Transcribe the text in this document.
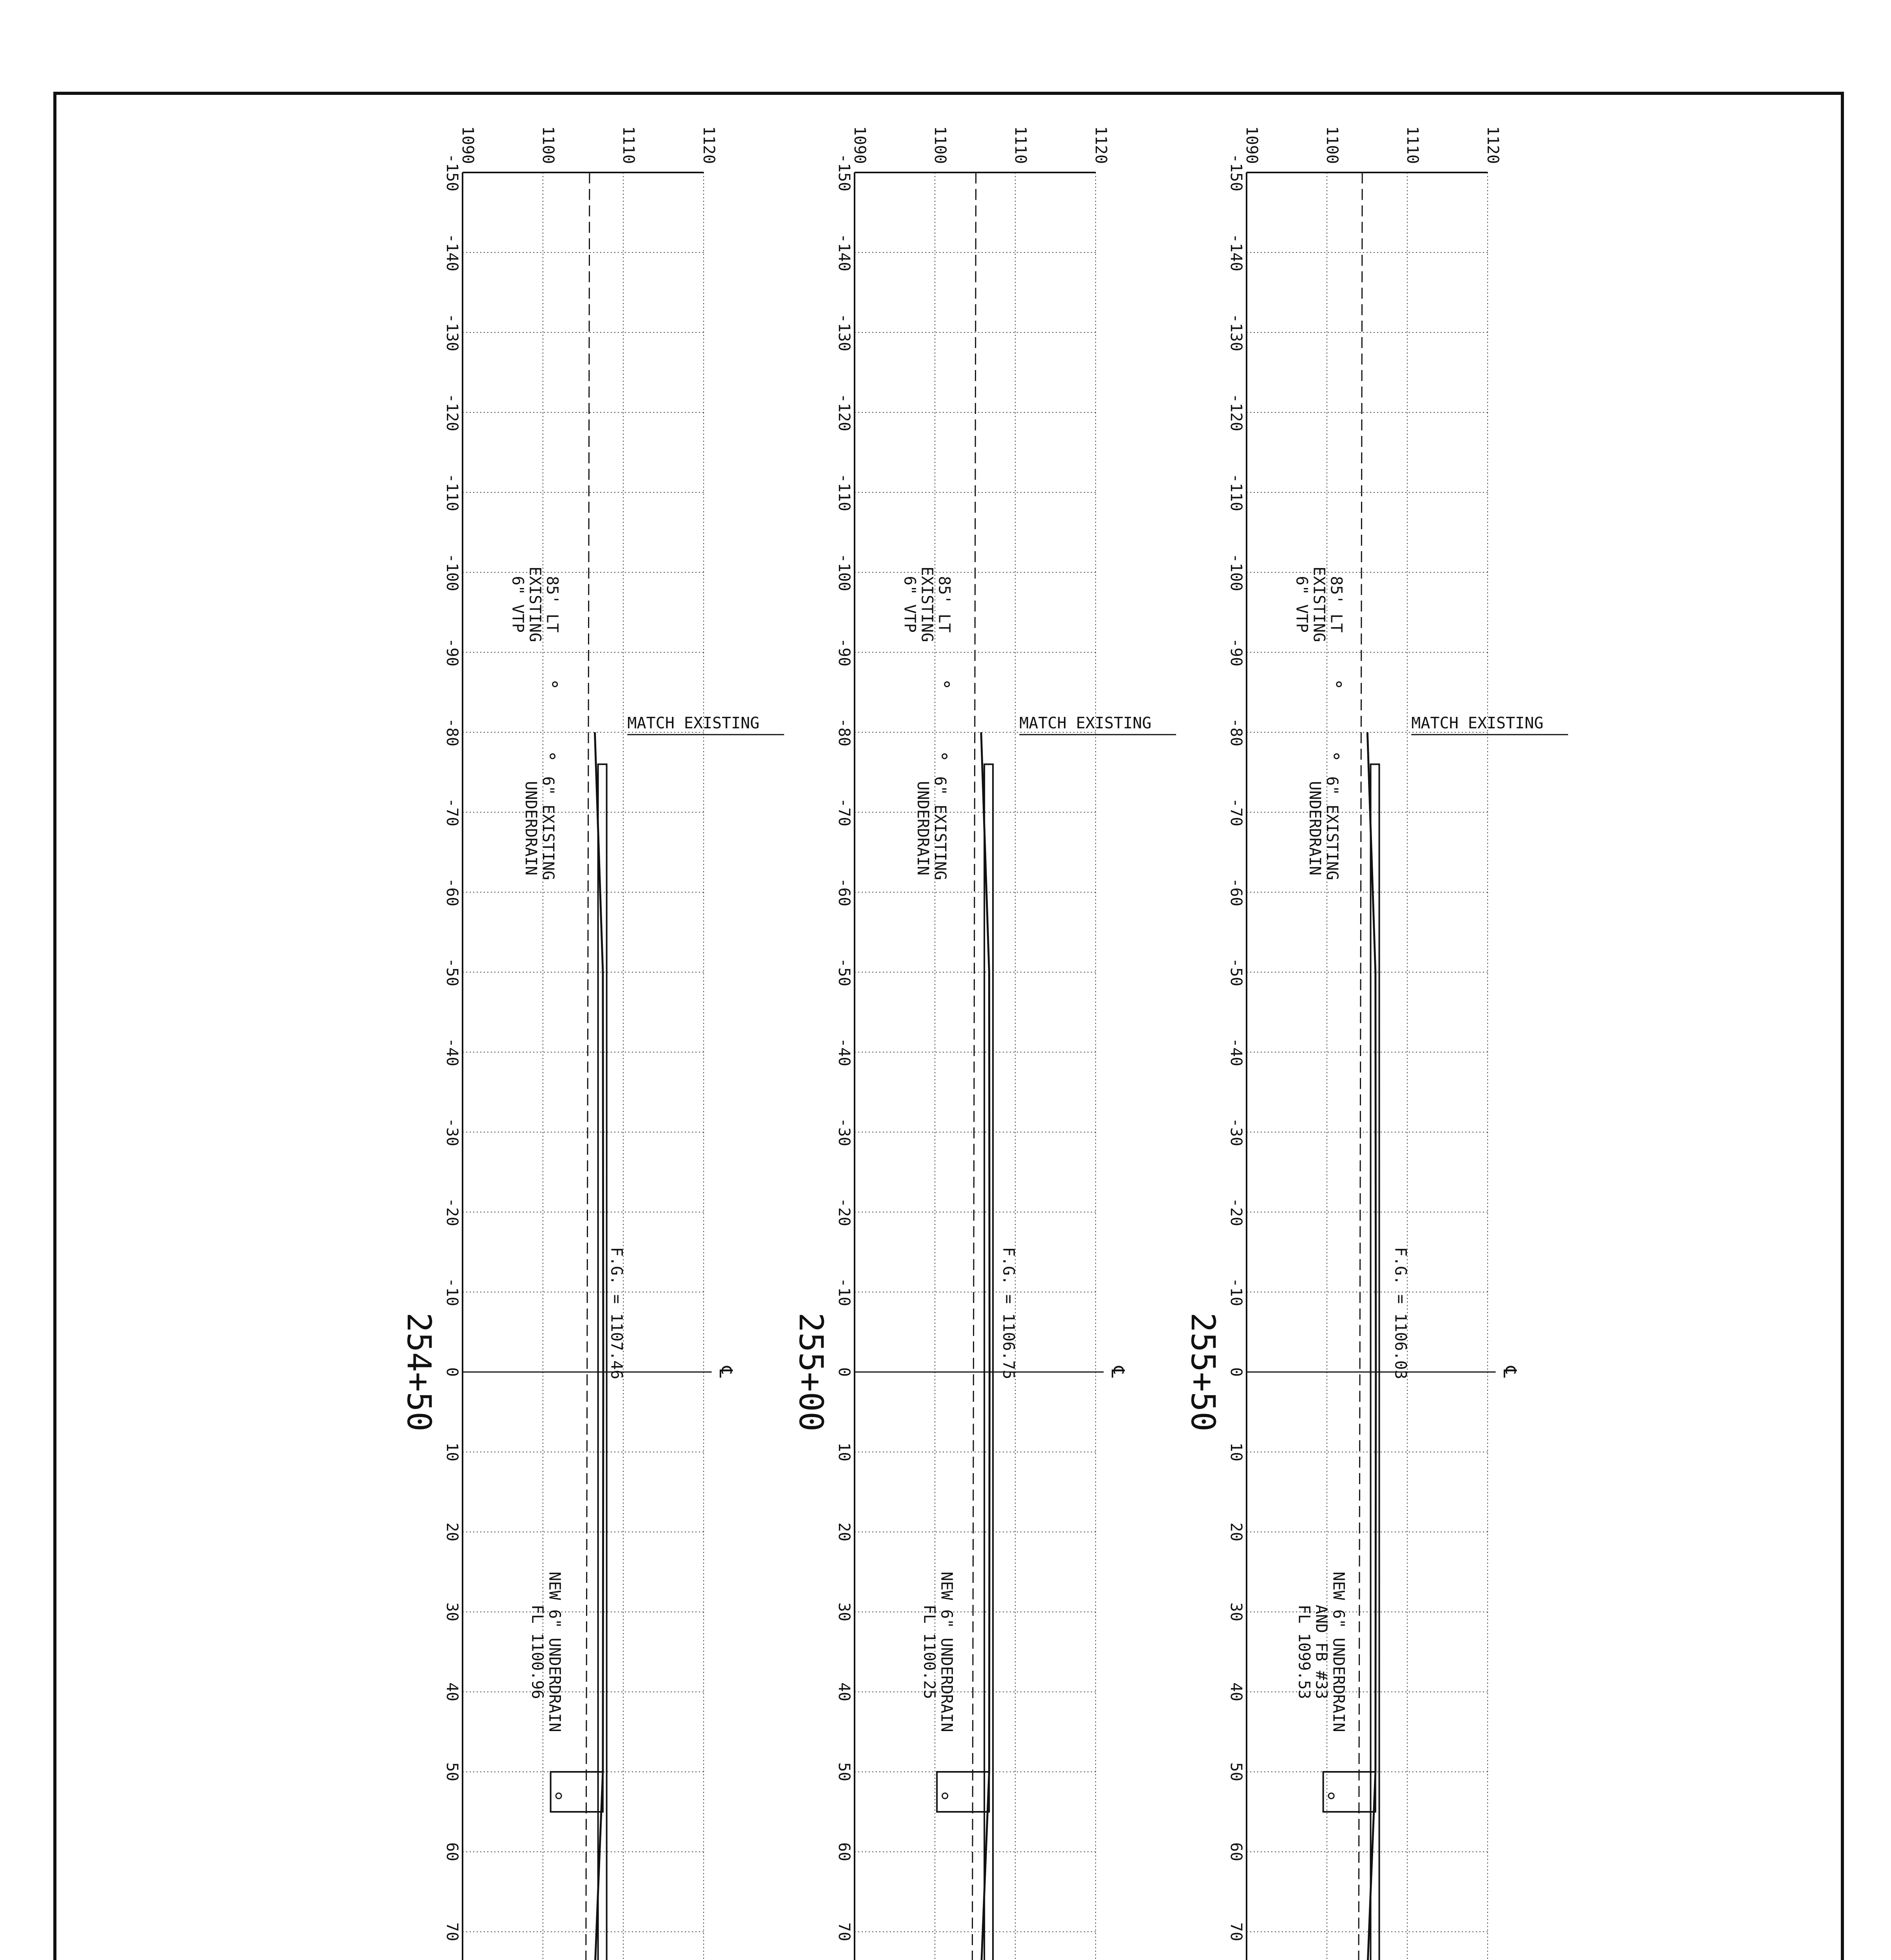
-150
-140
-130
-120
-110
-100
-90
-80
-70
-60
-50
-40
-30
-20
-10
0
10
20
30
40
50
60
70
1090	1100	1110	1120
℄
254+50	F.G. = 1107.46
MATCH EXISTING
85' LT
EXISTING
6" VTP
6" EXISTING
UNDERDRAIN
NEW 6" UNDERDRAIN
FL 1100.96
-150
-140
-130
-120
-110
-100
-90
-80
-70
-60
-50
-40
-30
-20
-10
0
10
20
30
40
50
60
70
1090	1100	1110	1120
℄
255+00	F.G. = 1106.75
MATCH EXISTING
85' LT
EXISTING
6" VTP
6" EXISTING
UNDERDRAIN
NEW 6" UNDERDRAIN
FL 1100.25
-150
-140
-130
-120
-110
-100
-90
-80
-70
-60
-50
-40
-30
-20
-10
0
10
20
30
40
50
60
70
1090	1100	1110	1120
℄
255+50	F.G. = 1106.03
MATCH EXISTING
85' LT
EXISTING
6" VTP
6" EXISTING
UNDERDRAIN
NEW 6" UNDERDRAIN
AND FB #33
FL 1099.53
